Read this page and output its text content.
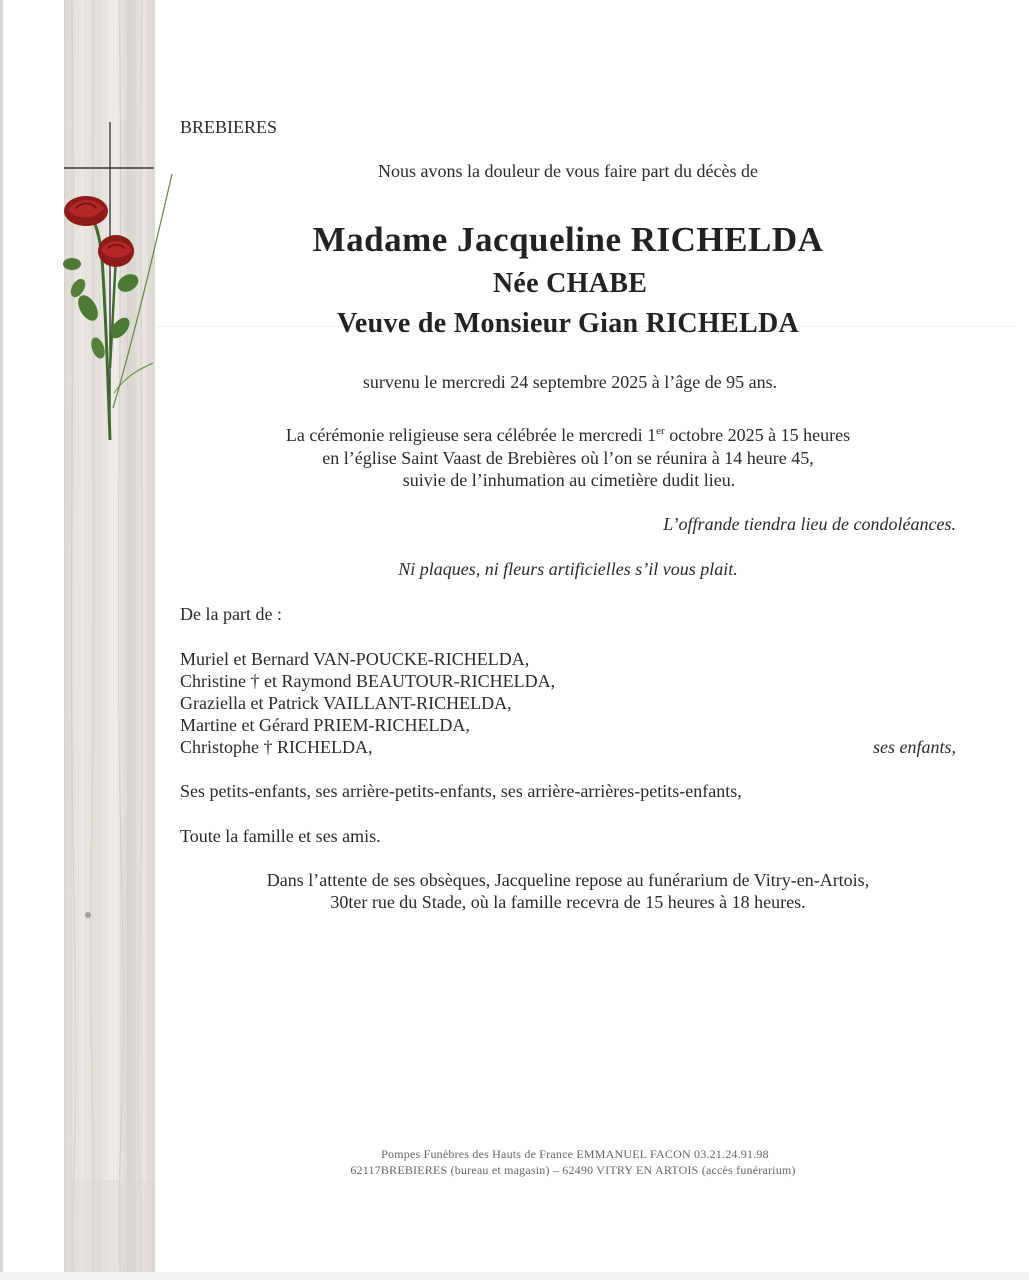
BREBIERES
Nous avons la douleur de vous faire part du décès de
Madame Jacqueline RICHELDA
Née CHABE
Veuve de Monsieur Gian RICHELDA
survenu le mercredi 24 septembre 2025 à l’âge de 95 ans.
La cérémonie religieuse sera célébrée le mercredi 1er octobre 2025 à 15 heures
en l’église Saint Vaast de Brebières où l’on se réunira à 14 heure 45,
suivie de l’inhumation au cimetière dudit lieu.
L’offrande tiendra lieu de condoléances.
Ni plaques, ni fleurs artificielles s’il vous plait.
De la part de :
Muriel et Bernard VAN-POUCKE-RICHELDA,
Christine † et Raymond BEAUTOUR-RICHELDA,
Graziella et Patrick VAILLANT-RICHELDA,
Martine et Gérard PRIEM-RICHELDA,
Christophe † RICHELDA,	ses enfants,
Ses petits-enfants, ses arrière-petits-enfants, ses arrière-arrières-petits-enfants,
Toute la famille et ses amis.
Dans l’attente de ses obsèques, Jacqueline repose au funérarium de Vitry-en-Artois,
30ter rue du Stade, où la famille recevra de 15 heures à 18 heures.
Pompes Funèbres des Hauts de France EMMANUEL FACON 03.21.24.91.98
62117BREBIERES (bureau et magasin) – 62490 VITRY EN ARTOIS (accès funérarium)
